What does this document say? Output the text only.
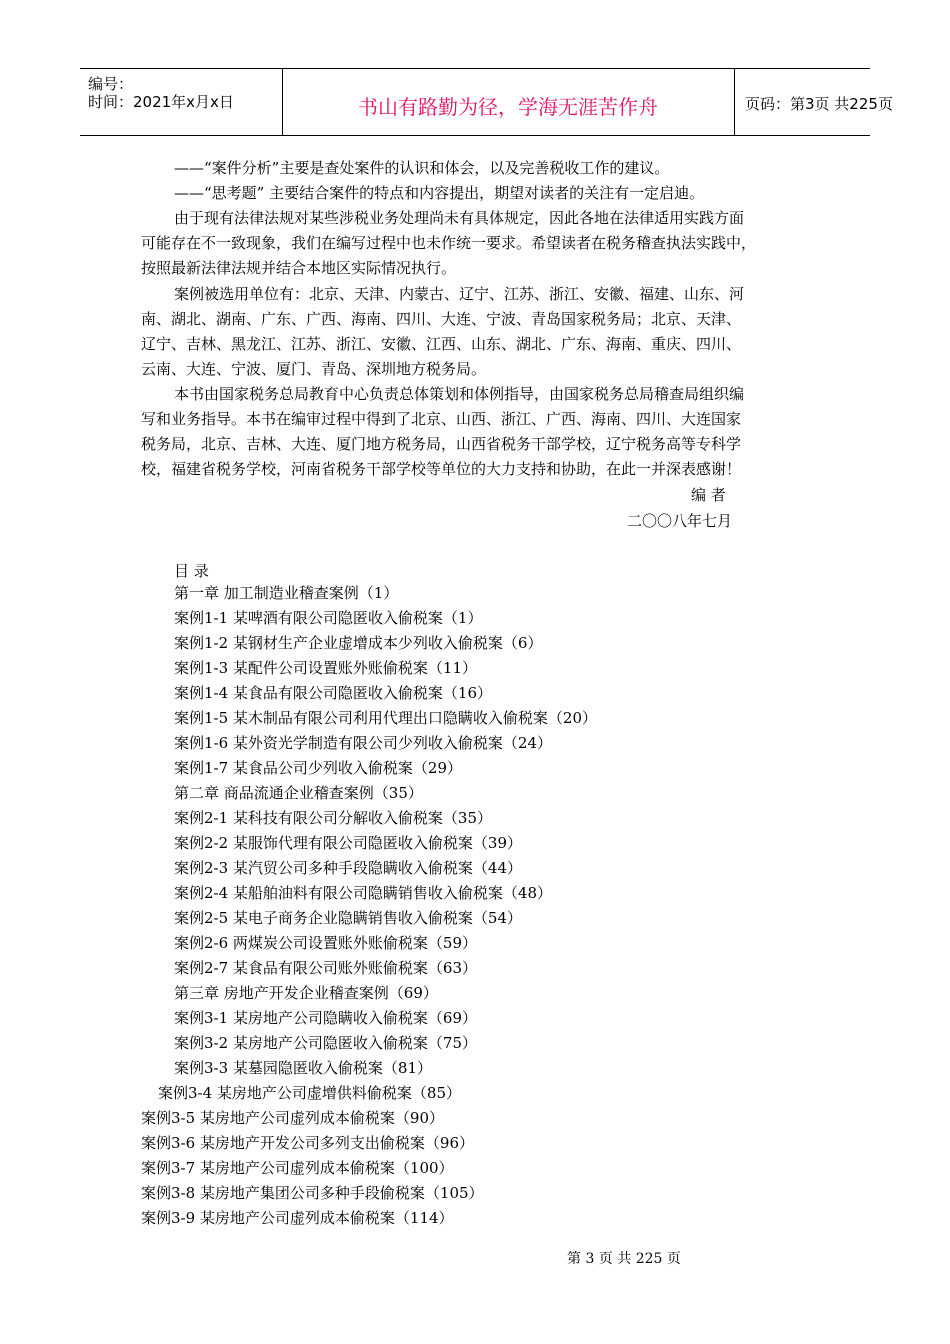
编号：
时间：2021年x月x日	书山有路勤为径，学海无涯苦作舟	页码：第3页 共225页
——“案件分析”主要是查处案件的认识和体会，以及完善税收工作的建议。
——“思考题” 主要结合案件的特点和内容提出，期望对读者的关注有一定启迪。
由于现有法律法规对某些涉税业务处理尚未有具体规定，因此各地在法律适用实践方面
可能存在不一致现象，我们在编写过程中也未作统一要求。希望读者在税务稽查执法实践中，
按照最新法律法规并结合本地区实际情况执行。
案例被选用单位有：北京、天津、内蒙古、辽宁、江苏、浙江、安徽、福建、山东、河
南、湖北、湖南、广东、广西、海南、四川、大连、宁波、青岛国家税务局；北京、天津、
辽宁、吉林、黑龙江、江苏、浙江、安徽、江西、山东、湖北、广东、海南、重庆、四川、
云南、大连、宁波、厦门、青岛、深圳地方税务局。
本书由国家税务总局教育中心负责总体策划和体例指导，由国家税务总局稽查局组织编
写和业务指导。本书在编审过程中得到了北京、山西、浙江、广西、海南、四川、大连国家
税务局，北京、吉林、大连、厦门地方税务局，山西省税务干部学校，辽宁税务高等专科学
校，福建省税务学校，河南省税务干部学校等单位的大力支持和协助，在此一并深表感谢！
编 者
二〇〇八年七月
目 录
第一章 加工制造业稽查案例（1）
案例1-1 某啤酒有限公司隐匿收入偷税案（1）
案例1-2 某钢材生产企业虚增成本少列收入偷税案（6）
案例1-3 某配件公司设置账外账偷税案（11）
案例1-4 某食品有限公司隐匿收入偷税案（16）
案例1-5 某木制品有限公司利用代理出口隐瞒收入偷税案（20）
案例1-6 某外资光学制造有限公司少列收入偷税案（24）
案例1-7 某食品公司少列收入偷税案（29）
第二章 商品流通企业稽查案例（35）
案例2-1 某科技有限公司分解收入偷税案（35）
案例2-2 某服饰代理有限公司隐匿收入偷税案（39）
案例2-3 某汽贸公司多种手段隐瞒收入偷税案（44）
案例2-4 某船舶油料有限公司隐瞒销售收入偷税案（48）
案例2-5 某电子商务企业隐瞒销售收入偷税案（54）
案例2-6 两煤炭公司设置账外账偷税案（59）
案例2-7 某食品有限公司账外账偷税案（63）
第三章 房地产开发企业稽查案例（69）
案例3-1 某房地产公司隐瞒收入偷税案（69）
案例3-2 某房地产公司隐匿收入偷税案（75）
案例3-3 某墓园隐匿收入偷税案（81）
案例3-4 某房地产公司虚增供料偷税案（85）
案例3-5 某房地产公司虚列成本偷税案（90）
案例3-6 某房地产开发公司多列支出偷税案（96）
案例3-7 某房地产公司虚列成本偷税案（100）
案例3-8 某房地产集团公司多种手段偷税案（105）
案例3-9 某房地产公司虚列成本偷税案（114）
第 3 页 共 225 页
